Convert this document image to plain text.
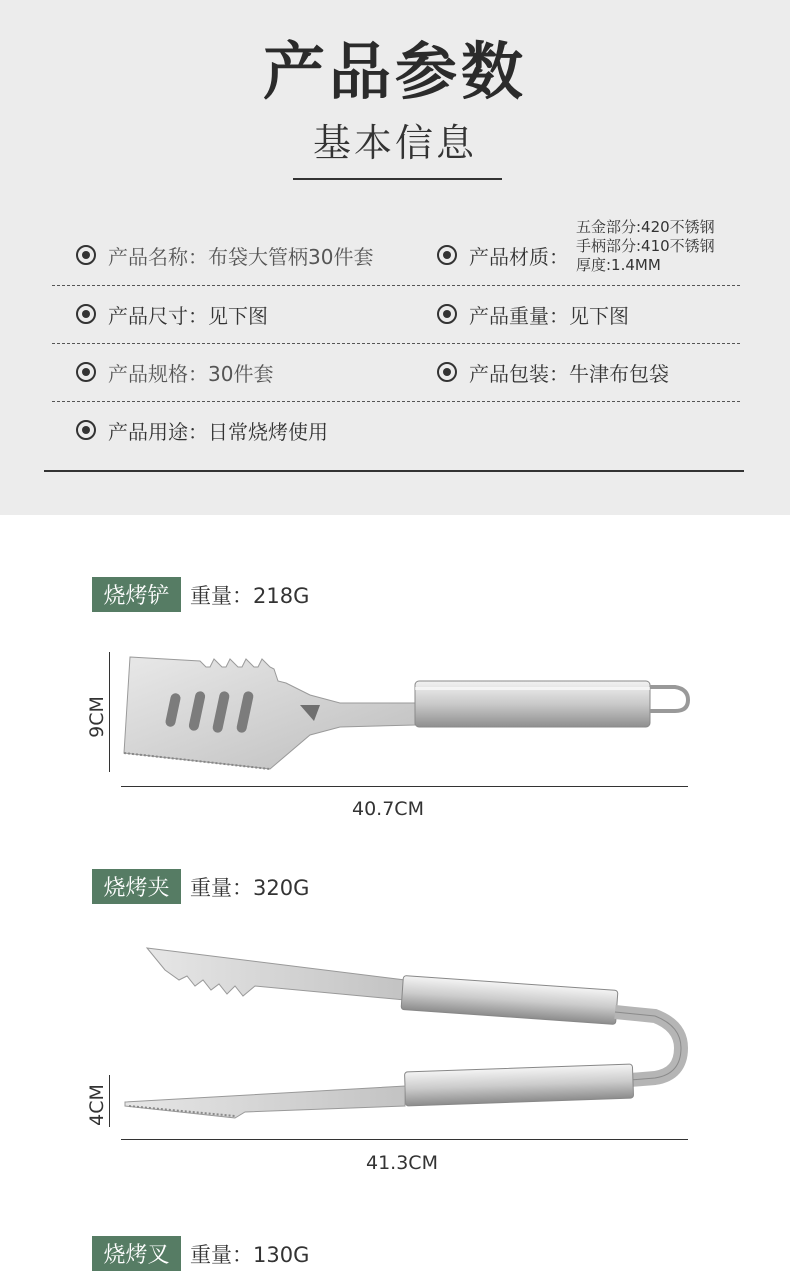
产品参数
基本信息
产品名称： 布袋大管柄30件套	产品材质：
五金部分:420不锈钢
手柄部分:410不锈钢
厚度:1.4MM
产品尺寸： 见下图	产品重量： 见下图
产品规格： 30件套	产品包装： 牛津布包袋
产品用途： 日常烧烤使用
烧烤铲 重量：218G
9CM
40.7CM
烧烤夹 重量：320G
4CM
41.3CM
烧烤叉 重量：130G
